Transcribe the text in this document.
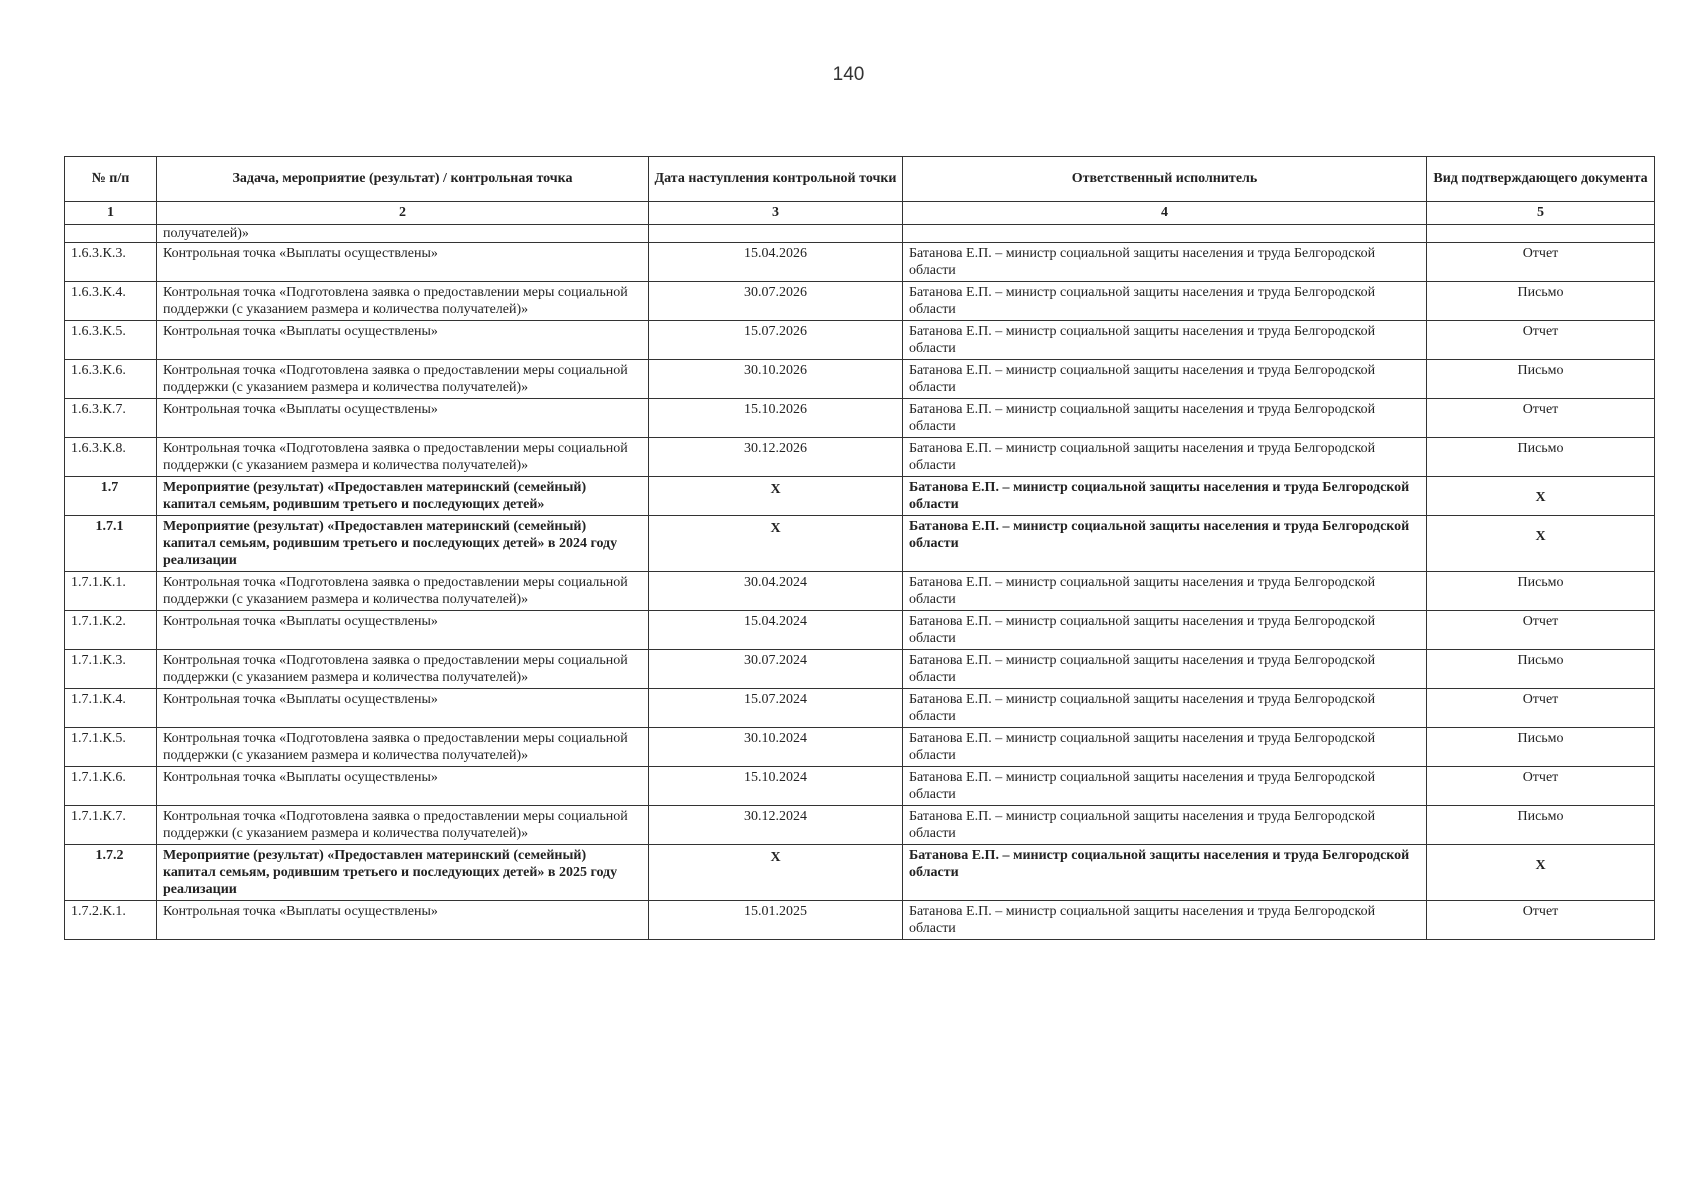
140
№ п/п	Задача, мероприятие (результат) / контрольная точка	Дата наступления контрольной точки	Ответственный исполнитель	Вид подтверждающего документа
1	2	3	4	5
	получателей)»			
1.6.3.К.3.	Контрольная точка «Выплаты осуществлены»	15.04.2026	Батанова Е.П. – министр социальной защиты населения и труда Белгородской области	Отчет
1.6.3.К.4.	Контрольная точка «Подготовлена заявка о предоставлении меры социальной поддержки (с указанием размера и количества получателей)»	30.07.2026	Батанова Е.П. – министр социальной защиты населения и труда Белгородской области	Письмо
1.6.3.К.5.	Контрольная точка «Выплаты осуществлены»	15.07.2026	Батанова Е.П. – министр социальной защиты населения и труда Белгородской области	Отчет
1.6.3.К.6.	Контрольная точка «Подготовлена заявка о предоставлении меры социальной поддержки (с указанием размера и количества получателей)»	30.10.2026	Батанова Е.П. – министр социальной защиты населения и труда Белгородской области	Письмо
1.6.3.К.7.	Контрольная точка «Выплаты осуществлены»	15.10.2026	Батанова Е.П. – министр социальной защиты населения и труда Белгородской области	Отчет
1.6.3.К.8.	Контрольная точка «Подготовлена заявка о предоставлении меры социальной поддержки (с указанием размера и количества получателей)»	30.12.2026	Батанова Е.П. – министр социальной защиты населения и труда Белгородской области	Письмо
1.7	Мероприятие (результат) «Предоставлен материнский (семейный) капитал семьям, родившим третьего и последующих детей»	X	Батанова Е.П. – министр социальной защиты населения и труда Белгородской области	X
1.7.1	Мероприятие (результат) «Предоставлен материнский (семейный) капитал семьям, родившим третьего и последующих детей» в 2024 году реализации	X	Батанова Е.П. – министр социальной защиты населения и труда Белгородской области	X
1.7.1.К.1.	Контрольная точка «Подготовлена заявка о предоставлении меры социальной поддержки (с указанием размера и количества получателей)»	30.04.2024	Батанова Е.П. – министр социальной защиты населения и труда Белгородской области	Письмо
1.7.1.К.2.	Контрольная точка «Выплаты осуществлены»	15.04.2024	Батанова Е.П. – министр социальной защиты населения и труда Белгородской области	Отчет
1.7.1.К.3.	Контрольная точка «Подготовлена заявка о предоставлении меры социальной поддержки (с указанием размера и количества получателей)»	30.07.2024	Батанова Е.П. – министр социальной защиты населения и труда Белгородской области	Письмо
1.7.1.К.4.	Контрольная точка «Выплаты осуществлены»	15.07.2024	Батанова Е.П. – министр социальной защиты населения и труда Белгородской области	Отчет
1.7.1.К.5.	Контрольная точка «Подготовлена заявка о предоставлении меры социальной поддержки (с указанием размера и количества получателей)»	30.10.2024	Батанова Е.П. – министр социальной защиты населения и труда Белгородской области	Письмо
1.7.1.К.6.	Контрольная точка «Выплаты осуществлены»	15.10.2024	Батанова Е.П. – министр социальной защиты населения и труда Белгородской области	Отчет
1.7.1.К.7.	Контрольная точка «Подготовлена заявка о предоставлении меры социальной поддержки (с указанием размера и количества получателей)»	30.12.2024	Батанова Е.П. – министр социальной защиты населения и труда Белгородской области	Письмо
1.7.2	Мероприятие (результат) «Предоставлен материнский (семейный) капитал семьям, родившим третьего и последующих детей» в 2025 году реализации	X	Батанова Е.П. – министр социальной защиты населения и труда Белгородской области	X
1.7.2.К.1.	Контрольная точка «Выплаты осуществлены»	15.01.2025	Батанова Е.П. – министр социальной защиты населения и труда Белгородской области	Отчет
